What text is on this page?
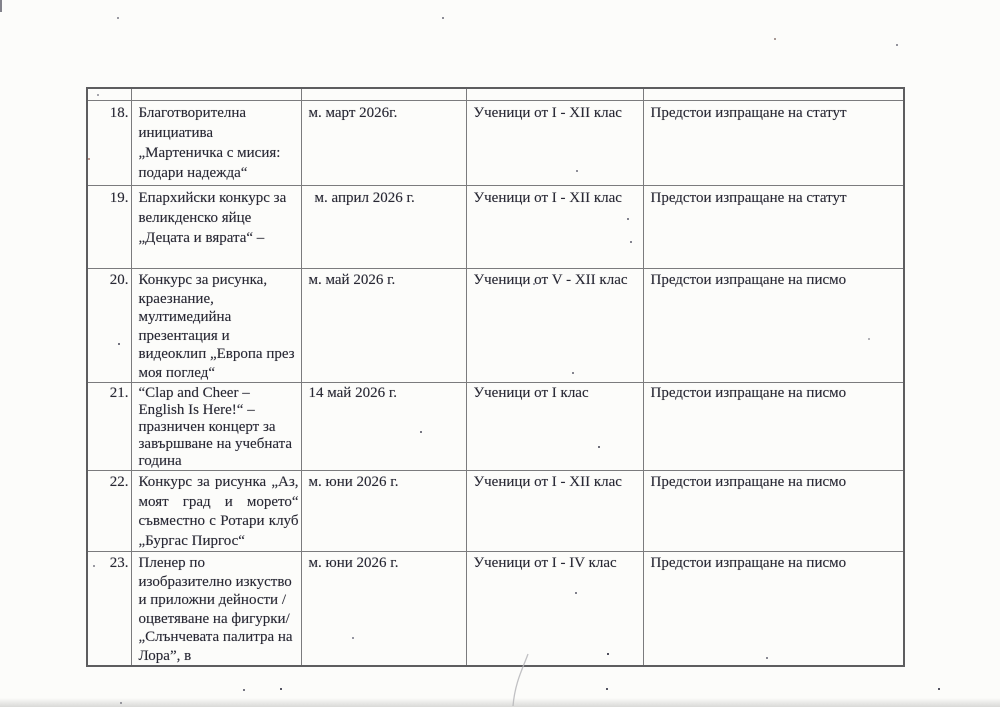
18.	Благотворителна инициатива „Мартеничка с мисия: подари надежда“	м. март 2026г.	Ученици от I - XII клас	Предстои изпращане на статут
19.	Епархийски конкурс за великденско яйце „Децата и вярата“ –	м. април 2026 г.	Ученици от I - XII клас	Предстои изпращане на статут
20.	Конкурс за рисунка, краезнание, мултимедийна презентация и видеоклип „Европа през моя поглед“	м. май 2026 г.	Ученици от V - XII клас	Предстои изпращане на писмо
21.	“Clap and Cheer – English Is Here!“ – празничен концерт за завършване на учебната година	14 май 2026 г.	Ученици от I клас	Предстои изпращане на писмо
22.	Конкурс за рисунка „Аз, моят град и морето“ съвместно с Ротари клуб „Бургас Пиргос“	м. юни 2026 г.	Ученици от I - XII клас	Предстои изпращане на писмо
23.	Пленер по изобразително изкуство и приложни дейности /оцветяване на фигурки/„Слънчевата палитра на Лора”, в	м. юни 2026 г.	Ученици от I - IV клас	Предстои изпращане на писмо
